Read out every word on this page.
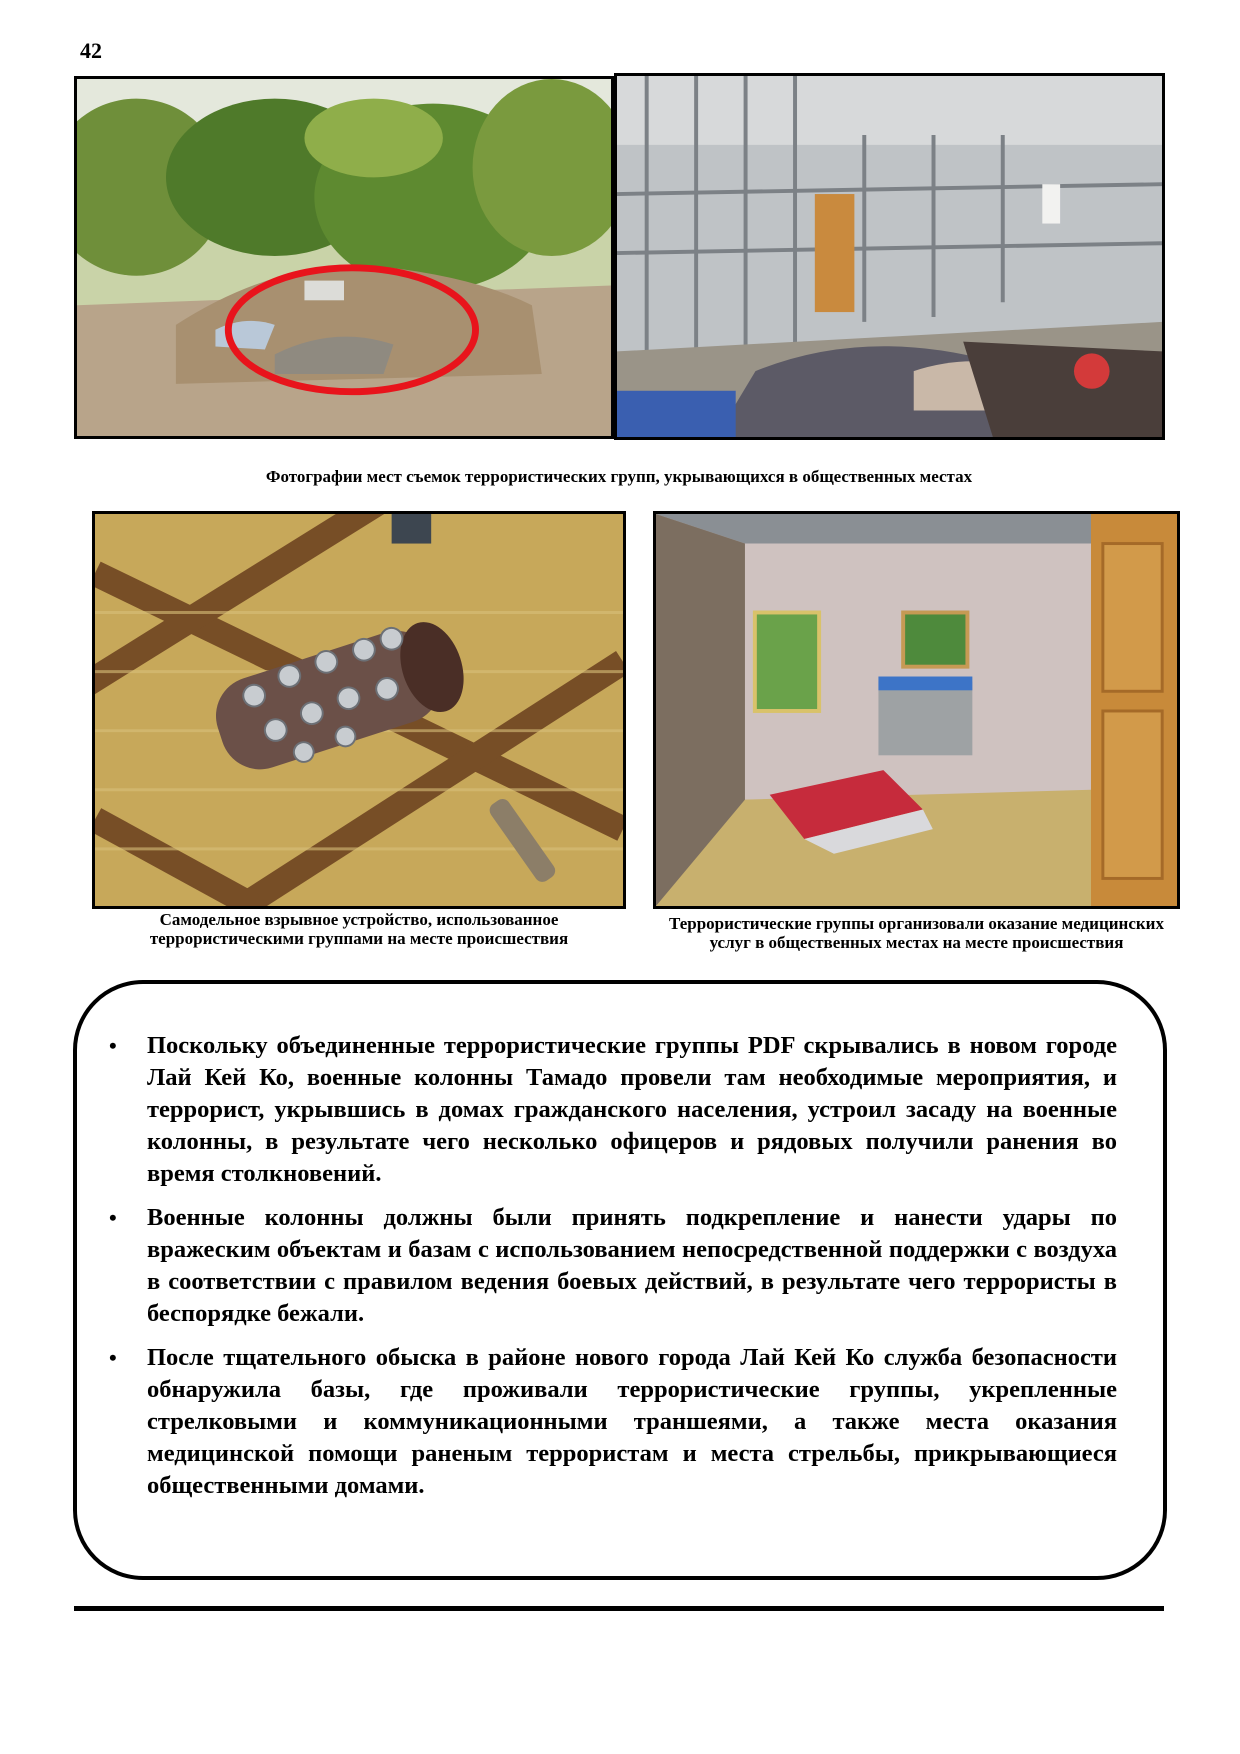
42
Фотографии мест съемок террористических групп, укрывающихся в общественных местах
Самодельное взрывное устройство, использованное террористическими группами на месте происшествия
Террористические группы организовали оказание медицинских услуг в общественных местах на месте происшествия
• Поскольку объединенные террористические группы PDF скрывались в новом городе Лай Кей Ко, военные колонны Тамадо провели там необходимые мероприятия, и террорист, укрывшись в домах гражданского населения, устроил засаду на военные колонны, в результате чего несколько офицеров и рядовых получили ранения во время столкновений.
• Военные колонны должны были принять подкрепление и нанести удары по вражеским объектам и базам с использованием непосредственной поддержки с воздуха в соответствии с правилом ведения боевых действий, в результате чего террористы в беспорядке бежали.
• После тщательного обыска в районе нового города Лай Кей Ко служба безопасности обнаружила базы, где проживали террористические группы, укрепленные стрелковыми и коммуникационными траншеями, а также места оказания медицинской помощи раненым террористам и места стрельбы, прикрывающиеся общественными домами.
